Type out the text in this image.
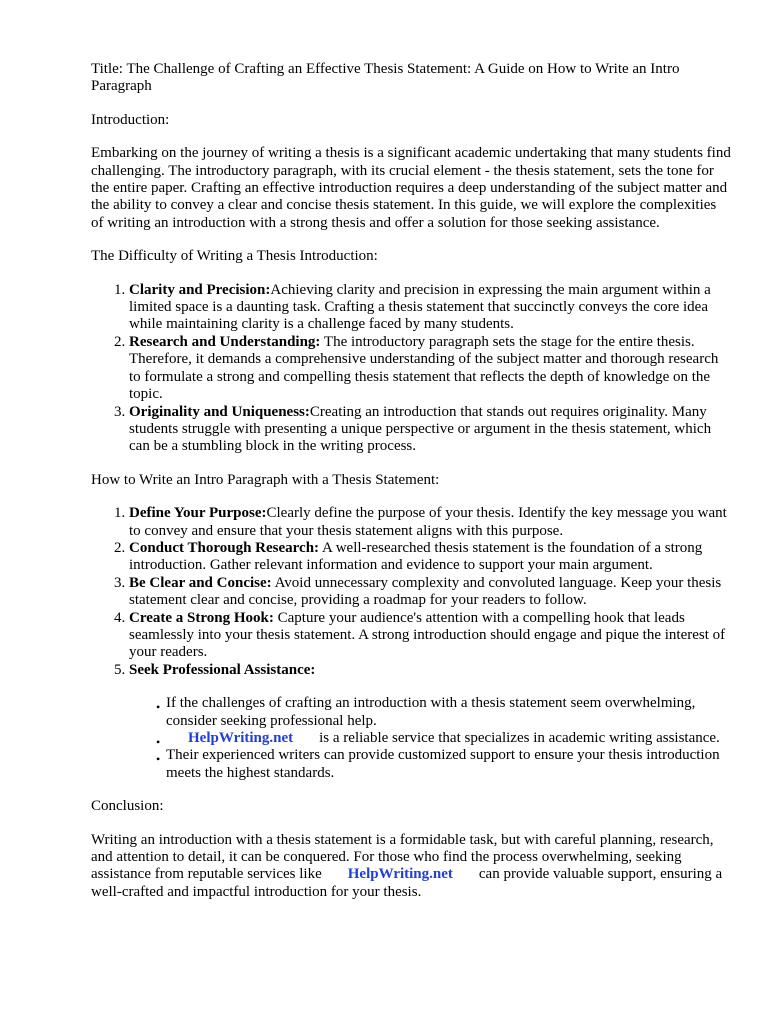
Title: The Challenge of Crafting an Effective Thesis Statement: A Guide on How to Write an Intro Paragraph

Introduction:

Embarking on the journey of writing a thesis is a significant academic undertaking that many students find challenging. The introductory paragraph, with its crucial element - the thesis statement, sets the tone for the entire paper. Crafting an effective introduction requires a deep understanding of the subject matter and the ability to convey a clear and concise thesis statement. In this guide, we will explore the complexities of writing an introduction with a strong thesis and offer a solution for those seeking assistance.

The Difficulty of Writing a Thesis Introduction:

1. Clarity and Precision:Achieving clarity and precision in expressing the main argument within a limited space is a daunting task. Crafting a thesis statement that succinctly conveys the core idea while maintaining clarity is a challenge faced by many students.
2. Research and Understanding: The introductory paragraph sets the stage for the entire thesis. Therefore, it demands a comprehensive understanding of the subject matter and thorough research to formulate a strong and compelling thesis statement that reflects the depth of knowledge on the topic.
3. Originality and Uniqueness:Creating an introduction that stands out requires originality. Many students struggle with presenting a unique perspective or argument in the thesis statement, which can be a stumbling block in the writing process.

How to Write an Intro Paragraph with a Thesis Statement:

1. Define Your Purpose:Clearly define the purpose of your thesis. Identify the key message you want to convey and ensure that your thesis statement aligns with this purpose.
2. Conduct Thorough Research: A well-researched thesis statement is the foundation of a strong introduction. Gather relevant information and evidence to support your main argument.
3. Be Clear and Concise: Avoid unnecessary complexity and convoluted language. Keep your thesis statement clear and concise, providing a roadmap for your readers to follow.
4. Create a Strong Hook: Capture your audience's attention with a compelling hook that leads seamlessly into your thesis statement. A strong introduction should engage and pique the interest of your readers.
5. Seek Professional Assistance:
• If the challenges of crafting an introduction with a thesis statement seem overwhelming, consider seeking professional help.
• HelpWriting.net is a reliable service that specializes in academic writing assistance.
• Their experienced writers can provide customized support to ensure your thesis introduction meets the highest standards.

Conclusion:

Writing an introduction with a thesis statement is a formidable task, but with careful planning, research, and attention to detail, it can be conquered. For those who find the process overwhelming, seeking assistance from reputable services like HelpWriting.net can provide valuable support, ensuring a well-crafted and impactful introduction for your thesis.
